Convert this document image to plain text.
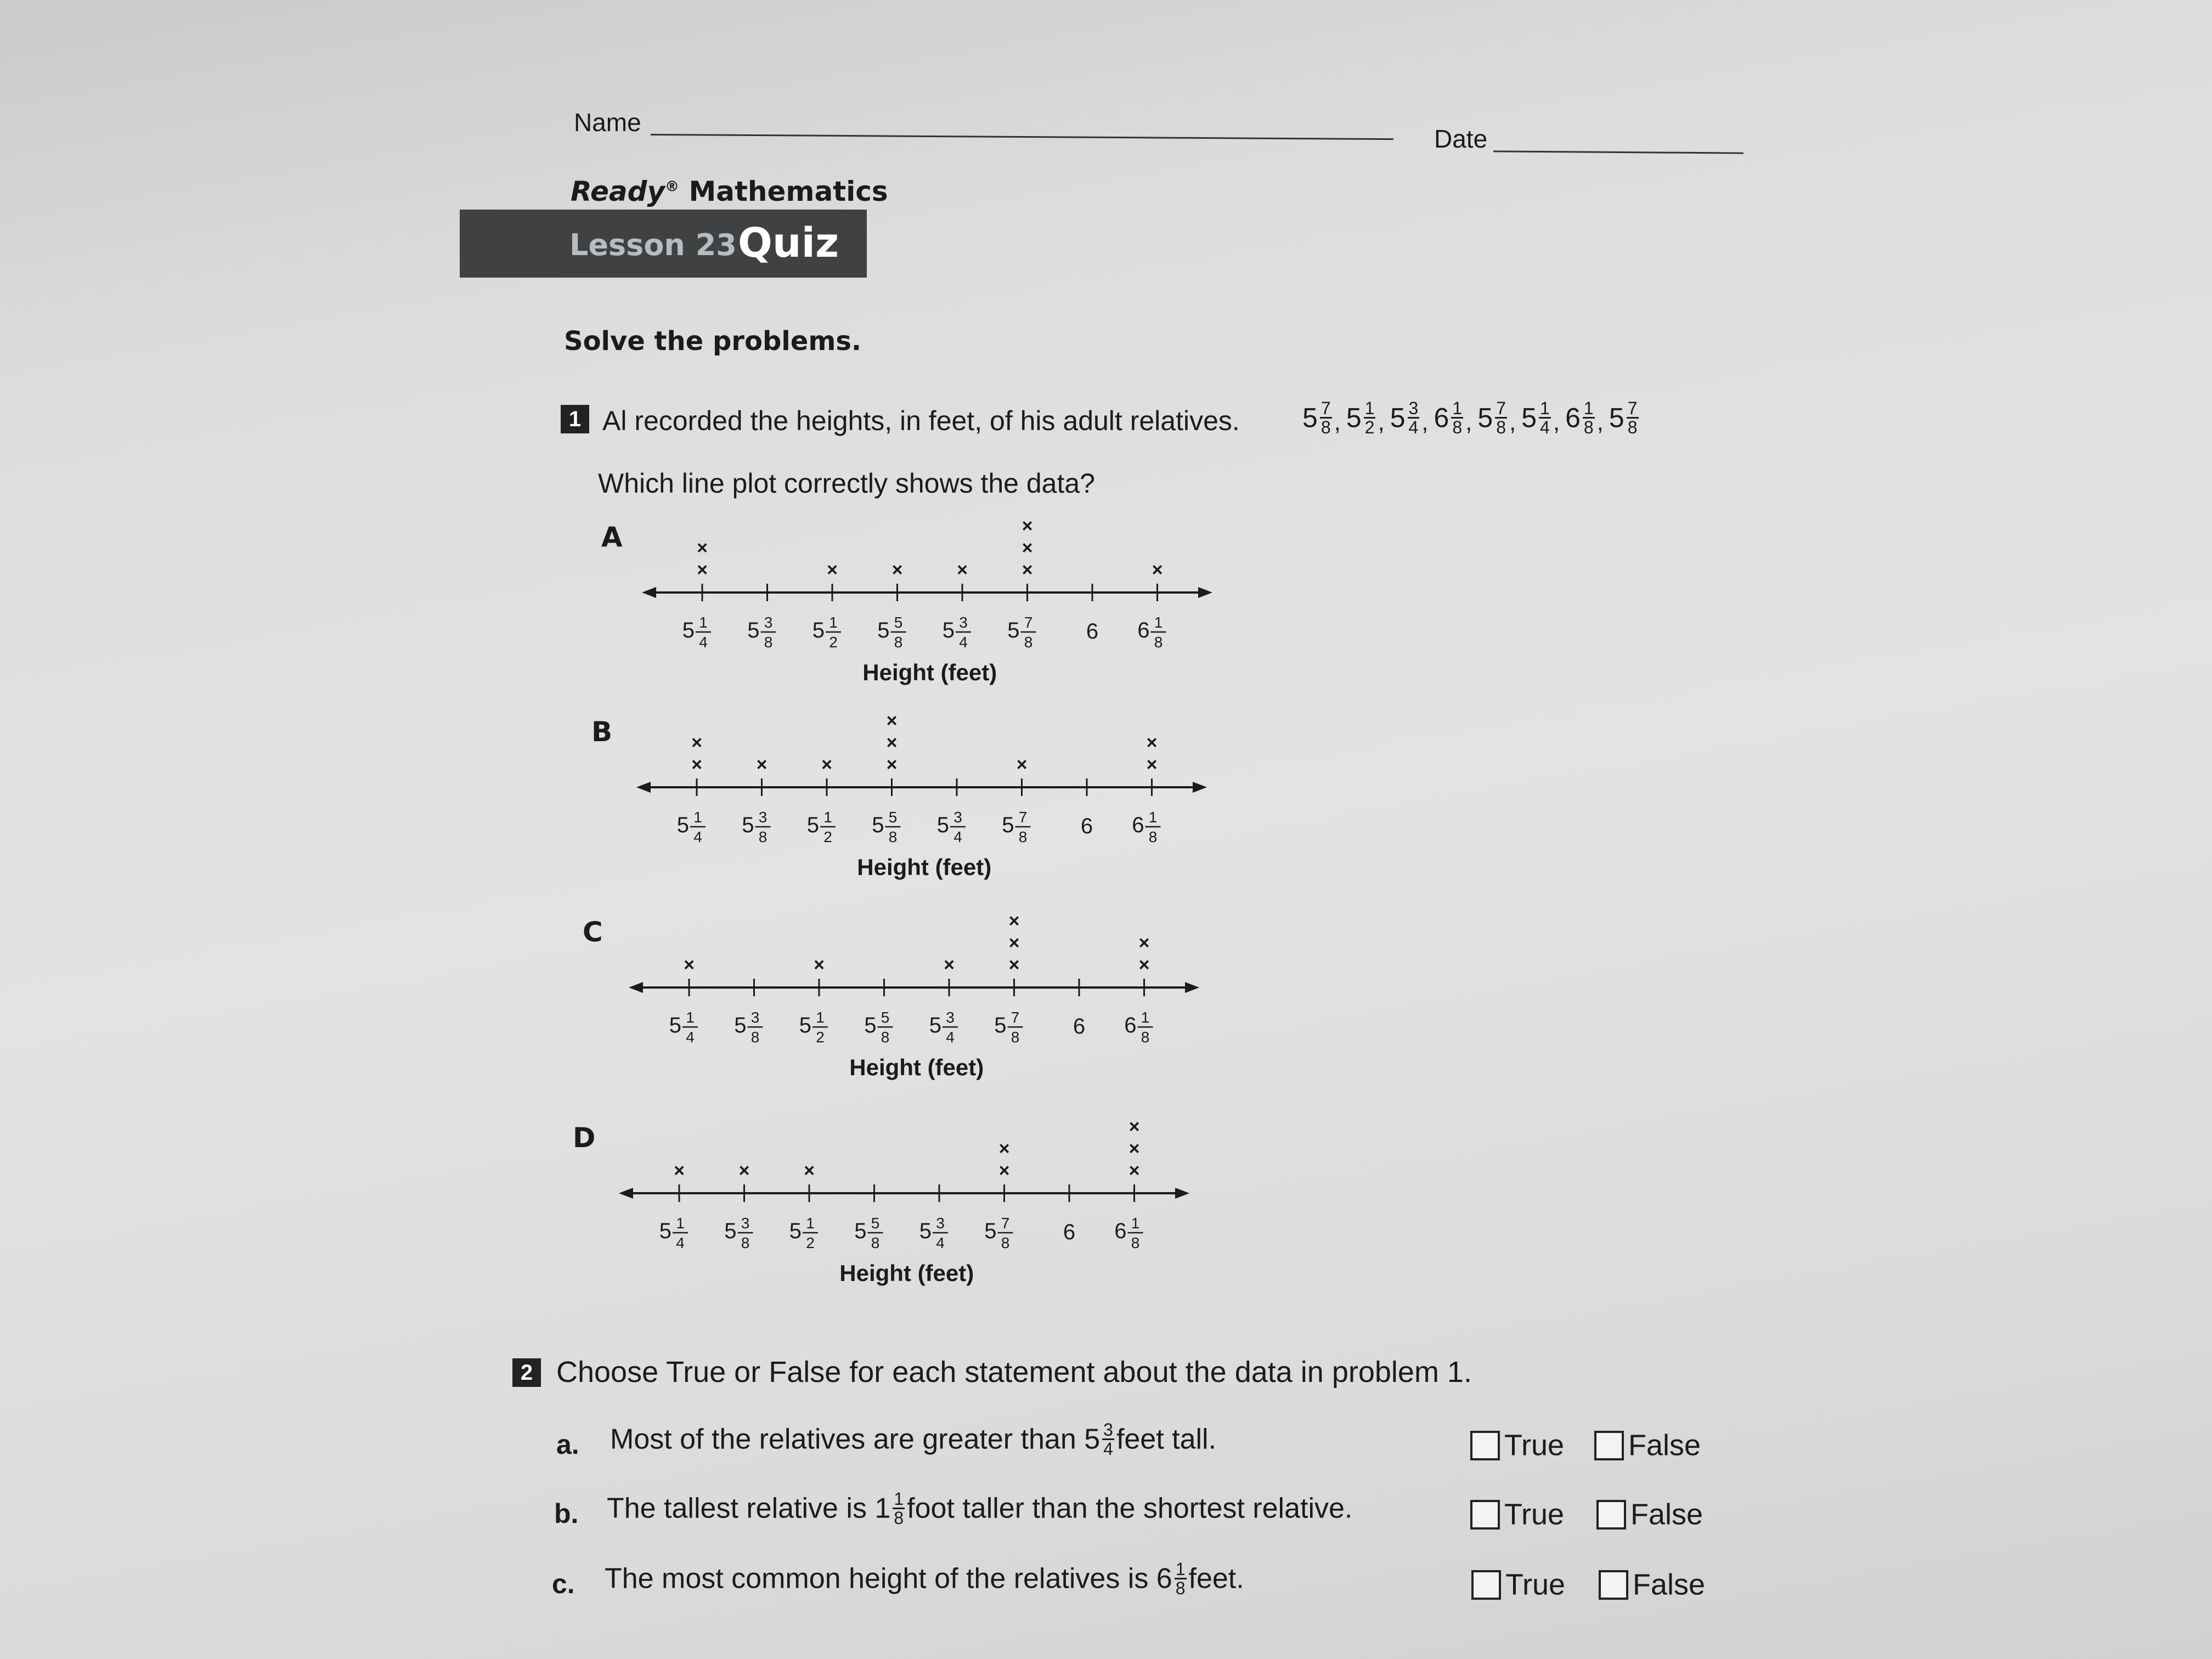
Name
Date
Ready® Mathematics
Lesson 23 Quiz
Solve the problems.
1 Al recorded the heights, in feet, of his adult relatives. $5 \frac{7}{8}$ , $5 \frac{1}{2}$ , $5 \frac{3}{4}$ , $6 \frac{1}{8}$ , $5 \frac{7}{8}$ , $5 \frac{1}{4}$ , $6 \frac{1}{8}$ , $5 \frac{7}{8}$
Which line plot correctly shows the data?
A
5 1
4
×
×
5 3
8 5 1
2
×
5 5
8
×
5 3
4
×
5 7
8
×
×
×
6 6 1
8
×
Height (feet)
B
5 1
4
×
×
5 3
8
×
5 1
2
×
5 5
8
×
×
×
5 3
4 5 7
8
×
6 6 1
8
×
×
Height (feet)
C
5 1
4
×
5 3
8 5 1
2
×
5 5
8 5 3
4
×
5 7
8
×
×
×
6 6 1
8
×
×
Height (feet)
D
5 1
4
×
5 3
8
×
5 1
2
×
5 5
8 5 3
4 5 7
8
×
×
6 6 1
8
×
×
×
Height (feet)
2 Choose True or False for each statement about the data in problem 1.
a. Most of the relatives are greater than $5 \frac{3}{4}$ feet tall.	True	False
b. The tallest relative is $1 \frac{1}{8}$ foot taller than the shortest relative.	True	False
c. The most common height of the relatives is $6 \frac{1}{8}$ feet.	True	False
